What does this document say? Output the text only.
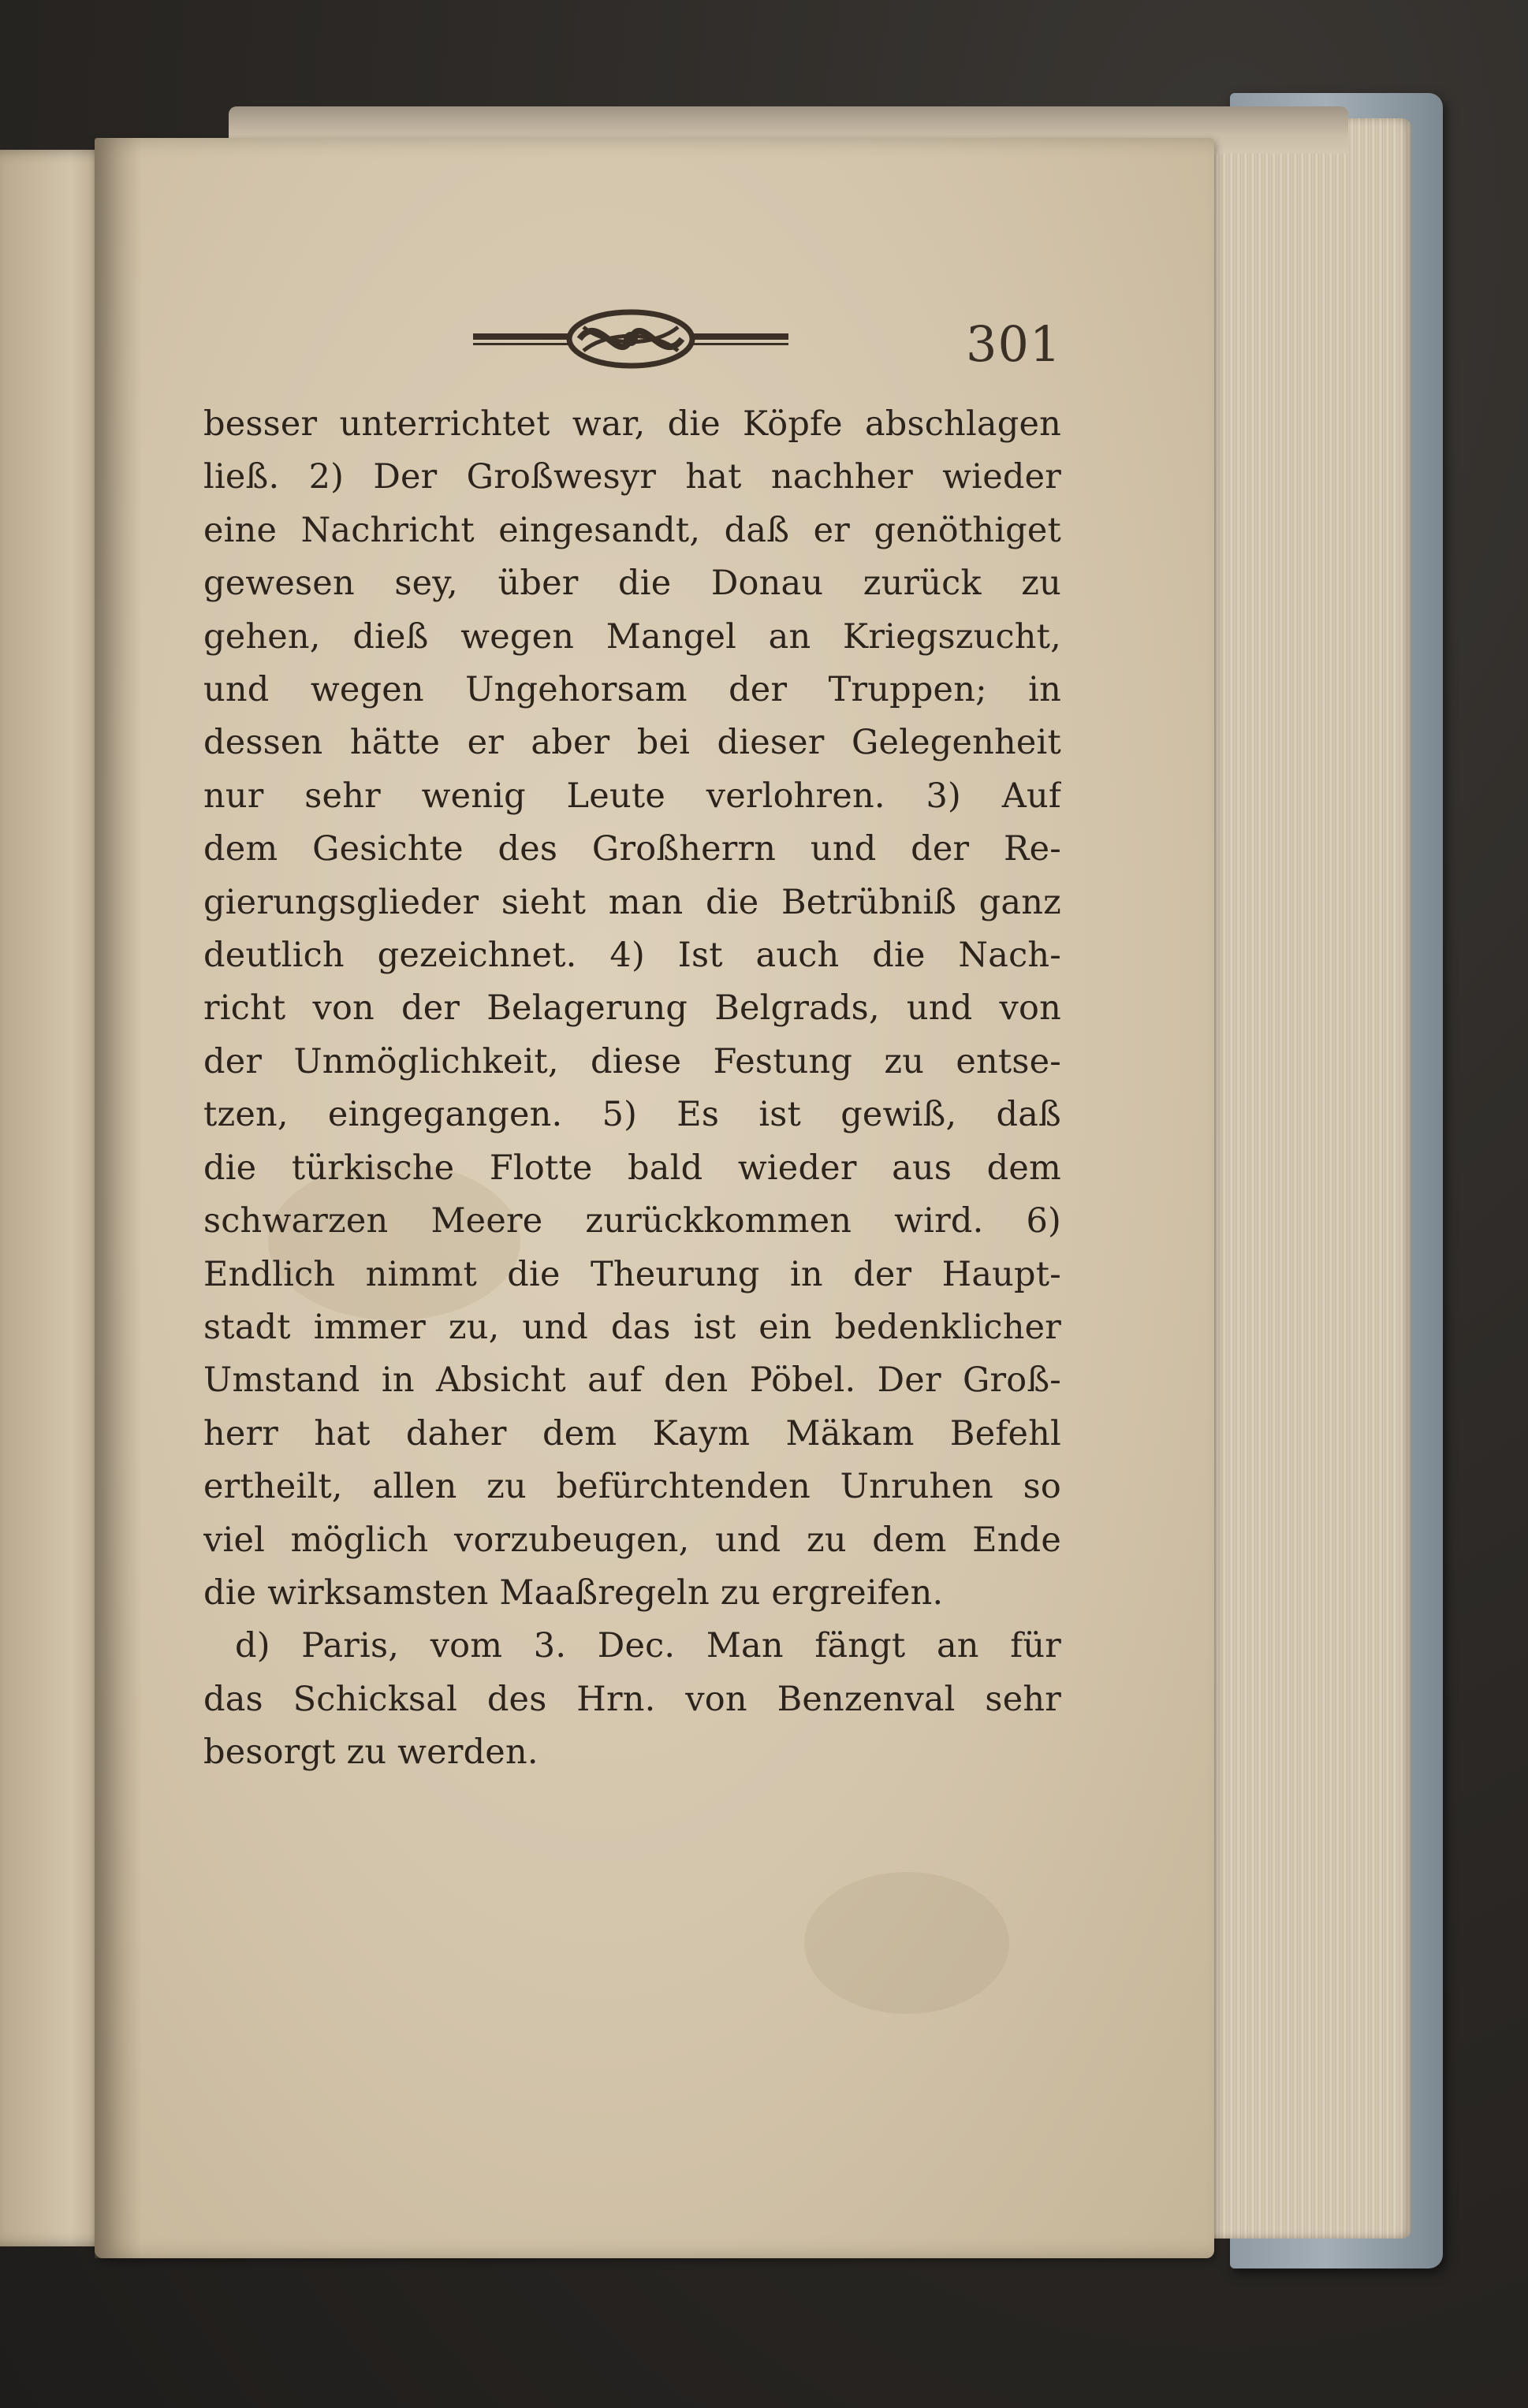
301
besser unterrichtet war, die Köpfe abschlagen
ließ. 2) Der Großwesyr hat nachher wieder
eine Nachricht eingesandt, daß er genöthiget
gewesen sey, über die Donau zurück zu
gehen, dieß wegen Mangel an Kriegszucht,
und wegen Ungehorsam der Truppen; in
dessen hätte er aber bei dieser Gelegenheit
nur sehr wenig Leute verlohren. 3) Auf
dem Gesichte des Großherrn und der Re-
gierungsglieder sieht man die Betrübniß ganz
deutlich gezeichnet. 4) Ist auch die Nach-
richt von der Belagerung Belgrads, und von
der Unmöglichkeit, diese Festung zu entse-
tzen, eingegangen. 5) Es ist gewiß, daß
die türkische Flotte bald wieder aus dem
schwarzen Meere zurückkommen wird. 6)
Endlich nimmt die Theurung in der Haupt-
stadt immer zu, und das ist ein bedenklicher
Umstand in Absicht auf den Pöbel. Der Groß-
herr hat daher dem Kaym Mäkam Befehl
ertheilt, allen zu befürchtenden Unruhen so
viel möglich vorzubeugen, und zu dem Ende
die wirksamsten Maaßregeln zu ergreifen.
d) Paris, vom 3. Dec. Man fängt an für
das Schicksal des Hrn. von Benzenval sehr
besorgt zu werden.
